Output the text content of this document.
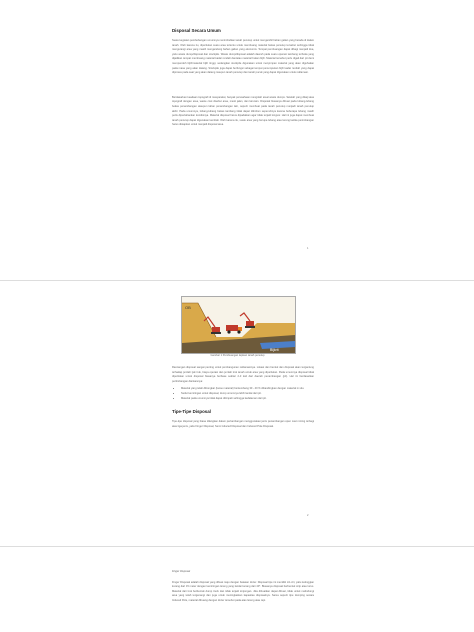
Disposal Secara Umum

Suatu kegiatan pembebangan umumnya menimbulkan tanah penutup untuk mengambil bahan galian yang berada di dalam tanah. Oleh karena itu, diperlukan suatu area tertentu untuk membuang material bekas penutup tersebut sehingga tidak mengurangi area yang masih mengandung bahan galian yang ekonomis. Tempat pembuangan dapat dibagi menjadi dua, yaitu waste dump/disposal dan stockpile. Waste dump/disposal adalah daerah pada suatu operasi tambang terbuka yang dijadikan tempat membuang material kadar rendah dan/atau material bukan bijih. Material tersebut perlu digali dari pit demi memperoleh bijih/material bijih tinggi, sedangkan stockpile digunakan untuk menyimpan material yang akan diguhakan pada masa yang akan datang. Stockpile juga dapat berfungsi sebagai tempat penumpukan bijih kadar rendah yang dapat diproses pada saat yang akan datang maupun tanah penutup dan tanah pucuk yang dapat digunakan untuk reklamasi.

Berdasarkan keadaan topografi di masyarakat, banyak perusahaan mengolah areal waste dumps. Setelah yang dikaji atas topografi dengan area, waste cost disebut area, mesti jalan, dan lain-lain. Disposal biasanya dibuat pada lubang-lubang bekas penambangan ataupun lahan penambangan lain, seperti membuat pada tanah penutup menjadi tanah penutup akhir. Pada umumnya, lubang-lubang bekas tambang tidak dapat ditimbun sepenuhnya karena beberapa lubang masih perlu dipertahankan kondisinya. Material disposal harus dipadatkan agar tidak terjadi longsor. Hal ini juga dapat membuat tanah penutup dapat digunakan kembali. Oleh karena itu, suatu area yang berupa lubang atau lereng ketika penimbangan harus disiapkan untuk menjadi disposal area.

1
OB
Bijkrit
Gambar 1 Pembuangan lapisan tanah penutup

Rancangan disposal sangat penting untuk pembangunan reklamasinya. Lokasi dan bentuk dan disposal akan tergantung terhadap jumlah ijuk truk, biaya operasi dan jumlah truk tanah untuk area yang diperlukan. Pada umumnya disposal tidak diperlukan untuk disposal biasanya berbase sekitar 2-3 kali dari daerah penambangan (pit). Hal ini berdasarkan pertimbangan diantaranya:

• Material yang telah dibongkar (loose material) berkembang 30 - 40 % dibandingkan dengan material in situ.
• Sudut kemiringan untuk disposal, dump umumnya lebih landai dari pit.
• Material pada umumnya tidak dapat ditimpah sehingga kedalaman dari pit.
Tipe-Tipe Disposal

Tipe-tipe disposal yang biasa dilangkan dalam pertambangan menggunakan jenis penambangan open cast mining terbagi atas tiga jenis, yaitu Finger Disposal, Semi Induced Disposal dan Induced Pole Disposal.

2
Finger Disposal

Finger Disposal adalah disposal yang dibuat maju dengan batasan dozer. Disposal tipe ini memiliki ciri-ciri, yaitu ketinggian kurang dari 15 meter dengan kemiringan lereng yang landai kurang dari 40°. Biasanya disposal berbentuk sirip atau lurus. Material dari truk berbentuk dump truck dan tidak terjadi tonjongan. Jika dibuatkan dapat dibuat, tidak untuk melindungi area yang telah tergenangi dan juga untuk meningkatkan kapasitas disposalnya. Sama seperti tipe dumping secara Induced Pole, material dibuang dengan dozer tersebut pada atas lereng atau tepi.
